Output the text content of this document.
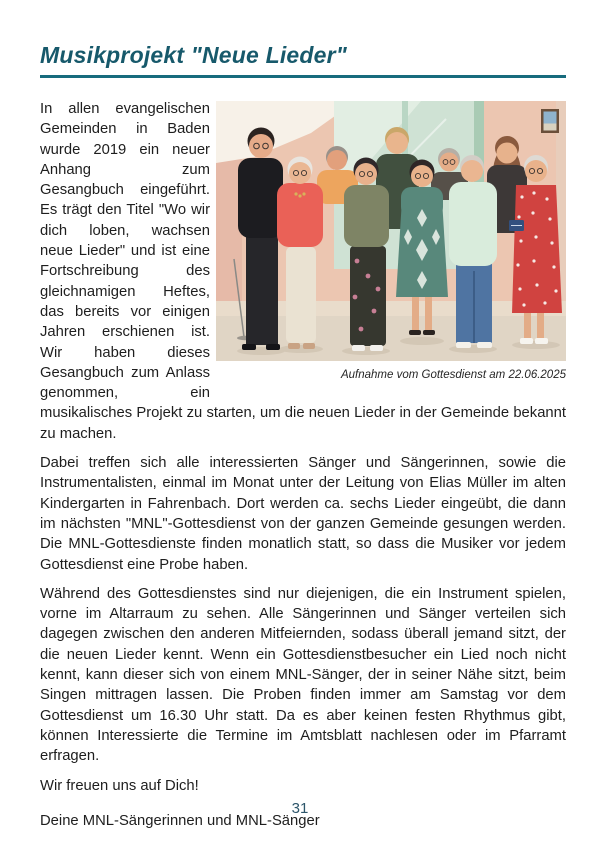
Musikprojekt "Neue Lieder"
Aufnahme vom Gottesdienst am 22.06.2025

In allen evangelischen Gemeinden in Baden wurde 2019 ein neuer Anhang zum Gesangbuch eingeführt. Es trägt den Titel "Wo wir dich loben, wachsen neue Lieder" und ist eine Fortschreibung des gleichnamigen Heftes, das bereits vor einigen Jahren erschienen ist. Wir haben dieses Gesangbuch zum Anlass genommen, ein musikalisches Projekt zu starten, um die neuen Lieder in der Gemeinde bekannt zu machen.

Dabei treffen sich alle interessierten Sänger und Sängerinnen, sowie die Instrumentalisten, einmal im Monat unter der Leitung von Elias Müller im alten Kindergarten in Fahrenbach. Dort werden ca. sechs Lieder eingeübt, die dann im nächsten "MNL"-Gottesdienst von der ganzen Gemeinde gesungen werden. Die MNL-Gottesdienste finden monatlich statt, so dass die Musiker vor jedem Gottesdienst eine Probe haben.

Während des Gottesdienstes sind nur diejenigen, die ein Instrument spielen, vorne im Altarraum zu sehen. Alle Sängerinnen und Sänger verteilen sich dagegen zwischen den anderen Mitfeiernden, sodass überall jemand sitzt, der die neuen Lieder kennt. Wenn ein Gottesdienstbesucher ein Lied noch nicht kennt, kann dieser sich von einem MNL-Sänger, der in seiner Nähe sitzt, beim Singen mittragen lassen. Die Proben finden immer am Samstag vor dem Gottesdienst um 16.30 Uhr statt. Da es aber keinen festen Rhythmus gibt, können Interessierte die Termine im Amtsblatt nachlesen oder im Pfarramt erfragen.

Wir freuen uns auf Dich!

Deine MNL-Sängerinnen und MNL-Sänger

31
